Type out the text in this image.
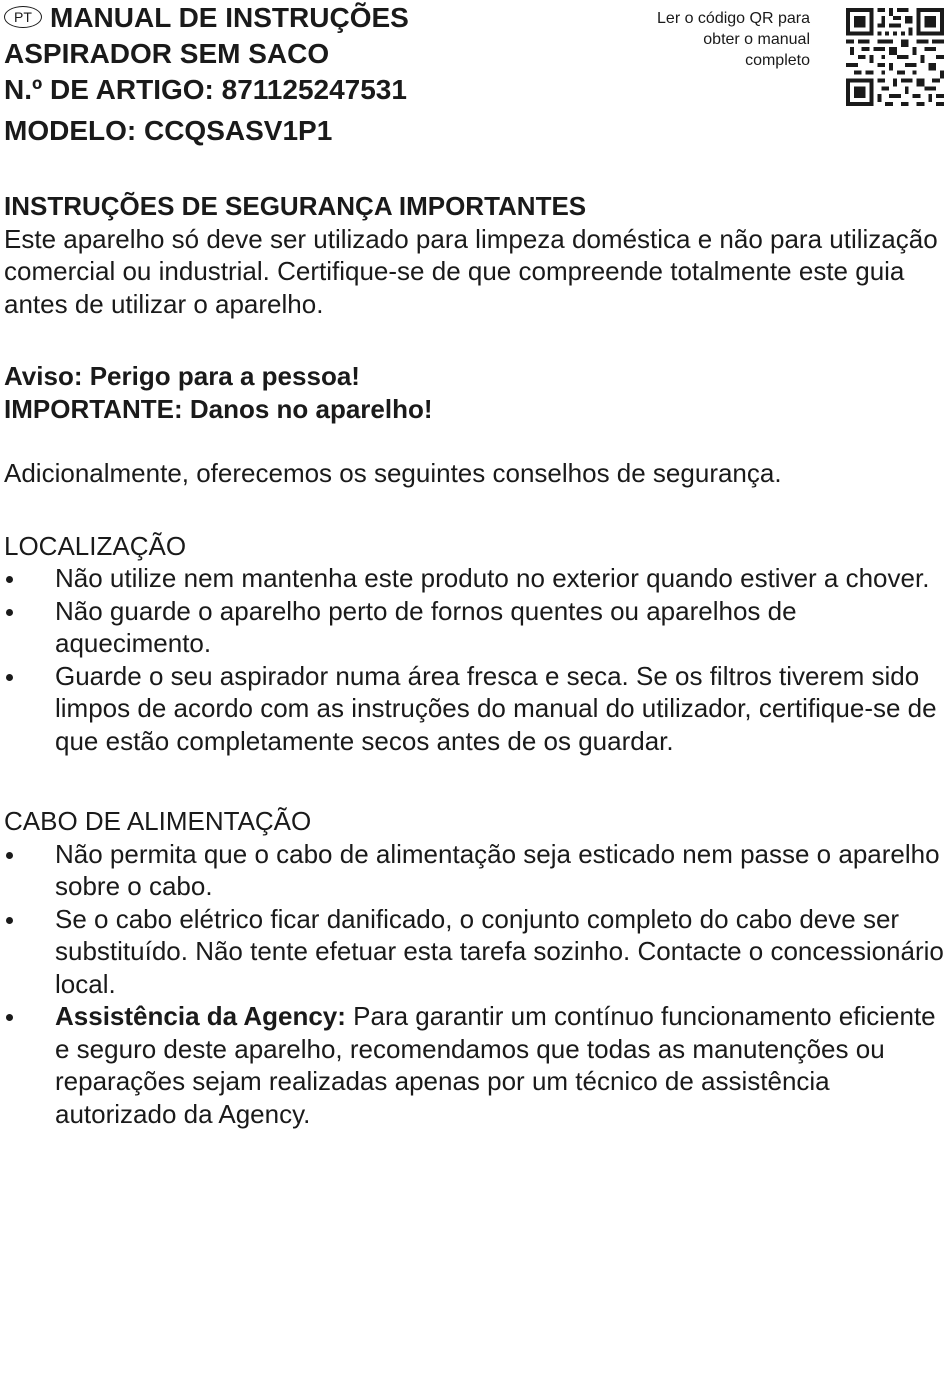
PT MANUAL DE INSTRUÇÕES
ASPIRADOR SEM SACO
N.º DE ARTIGO: 871125247531
MODELO: CCQSASV1P1
Ler o código QR para
obter o manual
completo

INSTRUÇÕES DE SEGURANÇA IMPORTANTES

Este aparelho só deve ser utilizado para limpeza doméstica e não para utilização comercial ou industrial. Certifique-se de que compreende totalmente este guia antes de utilizar o aparelho.

Aviso: Perigo para a pessoa!

IMPORTANTE: Danos no aparelho!

Adicionalmente, oferecemos os seguintes conselhos de segurança.

LOCALIZAÇÃO

Não utilize nem mantenha este produto no exterior quando estiver a chover.
Não guarde o aparelho perto de fornos quentes ou aparelhos de aquecimento.
Guarde o seu aspirador numa área fresca e seca. Se os filtros tiverem sido limpos de acordo com as instruções do manual do utilizador, certifique-se de que estão completamente secos antes de os guardar.

CABO DE ALIMENTAÇÃO

Não permita que o cabo de alimentação seja esticado nem passe o aparelho sobre o cabo.
Se o cabo elétrico ficar danificado, o conjunto completo do cabo deve ser substituído. Não tente efetuar esta tarefa sozinho. Contacte o concessionário local.
Assistência da Agency: Para garantir um contínuo funcionamento eficiente e seguro deste aparelho, recomendamos que todas as manutenções ou reparações sejam realizadas apenas por um técnico de assistência autorizado da Agency.
